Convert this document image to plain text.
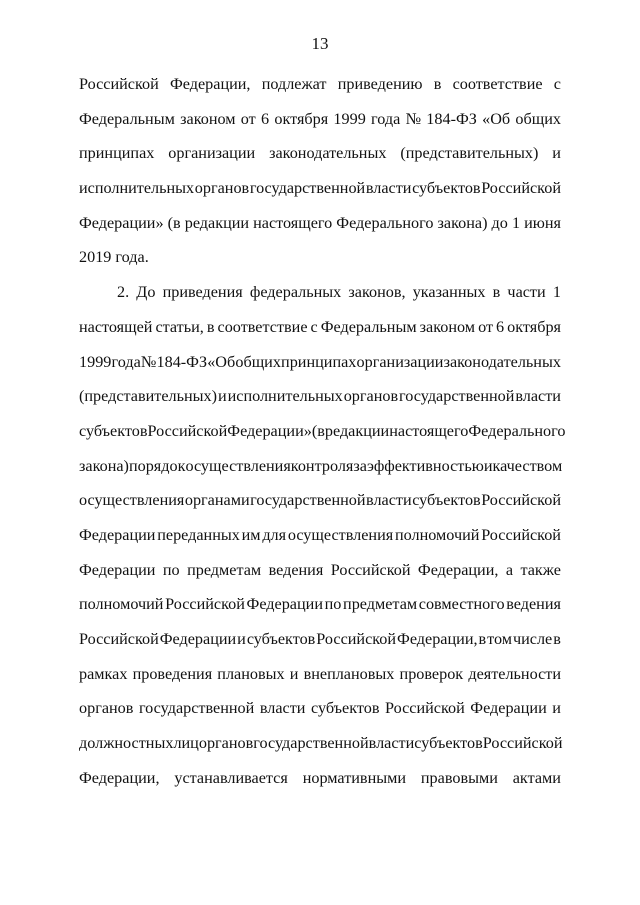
13
Российской Федерации, подлежат приведению в соответствие с
Федеральным законом от 6 октября 1999 года № 184-ФЗ «Об общих
принципах организации законодательных (представительных) и
исполнительных органов государственной власти субъектов Российской
Федерации» (в редакции настоящего Федерального закона) до 1 июня
2019
года.
2. До приведения федеральных законов, указанных в части 1
настоящей статьи, в соответствие с Федеральным законом от 6 октября
1999 года № 184-ФЗ «Об общих принципах организации законодательных
(представительных) и исполнительных органов государственной власти
субъектов Российской Федерации» (в редакции настоящего Федерального
закона) порядок осуществления контроля за эффективностью и качеством
осуществления органами государственной власти субъектов Российской
Федерации переданных им для осуществления полномочий Российской
Федерации по предметам ведения Российской Федерации, а также
полномочий Российской Федерации по предметам совместного ведения
Российской Федерации и субъектов Российской Федерации, в том числе в
рамках проведения плановых и внеплановых проверок деятельности
органов государственной власти субъектов Российской Федерации и
должностных лиц органов государственной власти субъектов Российской
Федерации, устанавливается нормативными правовыми актами
